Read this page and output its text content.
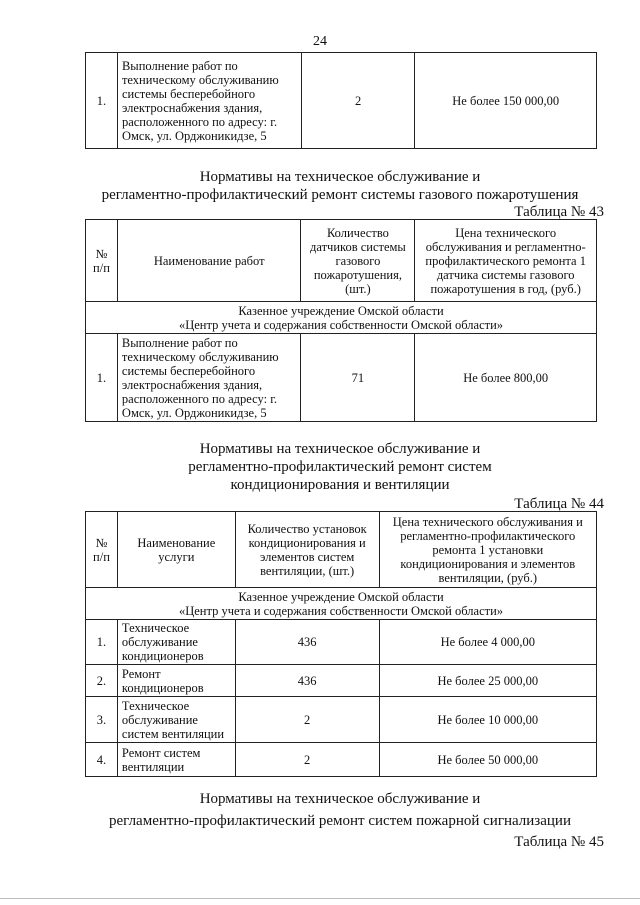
24
1.	Выполнение работ по техническому обслуживанию системы бесперебойного электроснабжения здания, расположенного по адресу: г. Омск, ул. Орджоникидзе, 5	2	Не более 150 000,00
Нормативы на техническое обслуживание и
регламентно-профилактический ремонт системы газового пожаротушения
Таблица № 43
№ п/п	Наименование работ	Количество датчиков системы газового пожаротушения, (шт.)	Цена технического обслуживания и регламентно-профилактического ремонта 1 датчика системы газового пожаротушения в год, (руб.)

Казенное учреждение Омской области
«Центр учета и содержания собственности Омской области»			

1.	Выполнение работ по техническому обслуживанию системы бесперебойного электроснабжения здания, расположенного по адресу: г. Омск, ул. Орджоникидзе, 5	71	Не более 800,00
Нормативы на техническое обслуживание и
регламентно-профилактический ремонт систем
кондиционирования и вентиляции
Таблица № 44
№ п/п	Наименование услуги	Количество установок кондиционирования и элементов систем вентиляции, (шт.)	Цена технического обслуживания и регламентно-профилактического ремонта 1 установки кондиционирования и элементов вентиляции, (руб.)

Казенное учреждение Омской области
«Центр учета и содержания собственности Омской области»			

1.	Техническое обслуживание кондиционеров	436	Не более 4 000,00
2.	Ремонт кондиционеров	436	Не более 25 000,00
3.	Техническое обслуживание систем вентиляции	2	Не более 10 000,00
4.	Ремонт систем вентиляции	2	Не более 50 000,00
Нормативы на техническое обслуживание и
регламентно-профилактический ремонт систем пожарной сигнализации
Таблица № 45
